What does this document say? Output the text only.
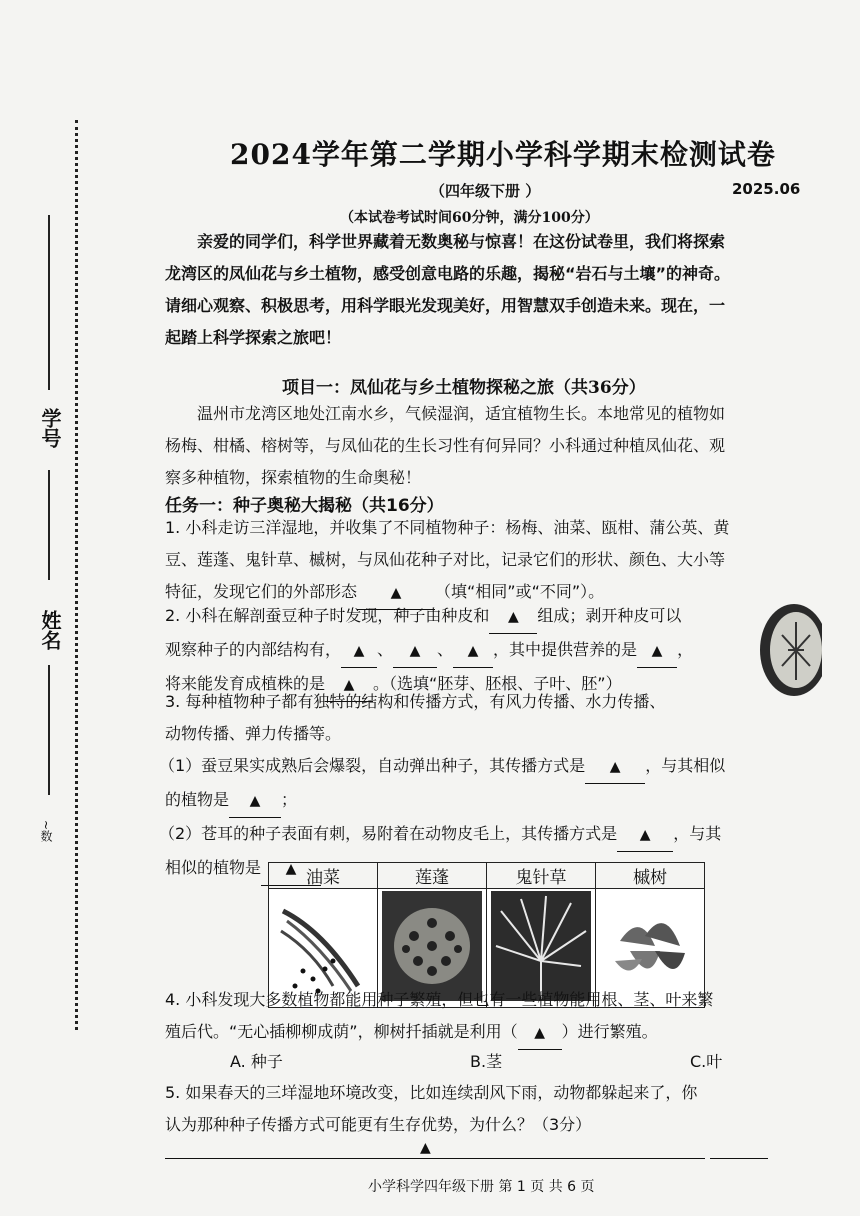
学号
姓名
~数
2024学年第二学期小学科学期末检测试卷
（四年级下册 ）	2025.06
（本试卷考试时间60分钟，满分100分）
亲爱的同学们，科学世界藏着无数奥秘与惊喜！在这份试卷里，我们将探索
龙湾区的凤仙花与乡土植物，感受创意电路的乐趣，揭秘“岩石与土壤”的神奇。
请细心观察、积极思考，用科学眼光发现美好，用智慧双手创造未来。现在，一
起踏上科学探索之旅吧！
项目一：凤仙花与乡土植物探秘之旅（共36分）
温州市龙湾区地处江南水乡，气候湿润，适宜植物生长。本地常见的植物如
杨梅、柑橘、榕树等，与凤仙花的生长习性有何异同？小科通过种植凤仙花、观
察多种植物，探索植物的生命奥秘！
任务一：种子奥秘大揭秘（共16分）
1. 小科走访三洋湿地，并收集了不同植物种子：杨梅、油菜、瓯柑、蒲公英、黄
豆、莲蓬、鬼针草、槭树，与凤仙花种子对比，记录它们的形状、颜色、大小等
特征，发现它们的外部形态 ▲ （填“相同”或“不同”）。
2. 小科在解剖蚕豆种子时发现，种子由种皮和 ▲ 组成；剥开种皮可以
观察种子的内部结构有， ▲ 、 ▲ 、 ▲ ，其中提供营养的是 ▲ ，
将来能发育成植株的是 ▲ 。（选填“胚芽、胚根、子叶、胚”）
3. 每种植物种子都有独特的结构和传播方式，有风力传播、水力传播、
动物传播、弹力传播等。
（1）蚕豆果实成熟后会爆裂，自动弹出种子，其传播方式是 ▲ ，与其相似
的植物是 ▲ ；
（2）苍耳的种子表面有刺，易附着在动物皮毛上，其传播方式是 ▲ ，与其
相似的植物是 ▲ 油菜	莲蓬	鬼针草	槭树

4. 小科发现大多数植物都能用种子繁殖，但也有一些植物能用根、茎、叶来繁
殖后代。“无心插柳柳成荫”，柳树扦插就是利用（ ▲ ）进行繁殖。
A. 种子	B.茎	C.叶
5. 如果春天的三垟湿地环境改变，比如连续刮风下雨，动物都躲起来了，你
认为那种种子传播方式可能更有生存优势，为什么？（3分）
▲
小学科学四年级下册 第 1 页 共 6 页
